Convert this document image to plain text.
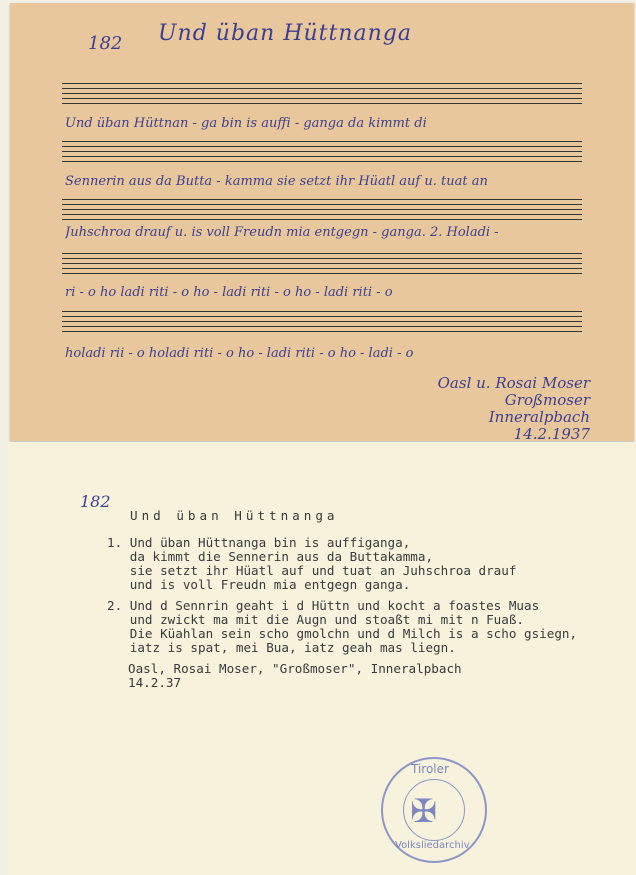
182 Und üban Hüttnanga
Und üban Hüttnan - ga bin is auffi - ganga da kimmt di
Sennerin aus da Butta - kamma sie setzt ihr Hüatl auf u. tuat an
Juhschroa drauf u. is voll Freudn mia entgegn - ganga. 2. Holadi -
ri - o ho ladi riti - o ho - ladi riti - o ho - ladi riti - o
holadi rii - o holadi riti - o ho - ladi riti - o ho - ladi - o
Oasl u. Rosai Moser
Großmoser
Inneralpbach
14.2.1937
182
Und üban Hüttnanga
1. Und üban Hüttnanga bin is auffiganga,
da kimmt die Sennerin aus da Buttakamma,
sie setzt ihr Hüatl auf und tuat an Juhschroa drauf
und is voll Freudn mia entgegn ganga.
2. Und d Sennrin geaht i d Hüttn und kocht a foastes Muas
und zwickt ma mit die Augn und stoaßt mi mit n Fuaß.
Die Küahlan sein scho gmolchn und d Milch is a scho gsiegn,
iatz is spat, mei Bua, iatz geah mas liegn.
Oasl, Rosai Moser, "Großmoser", Inneralpbach
14.2.37
✠
Tiroler
Volksliedarchiv
